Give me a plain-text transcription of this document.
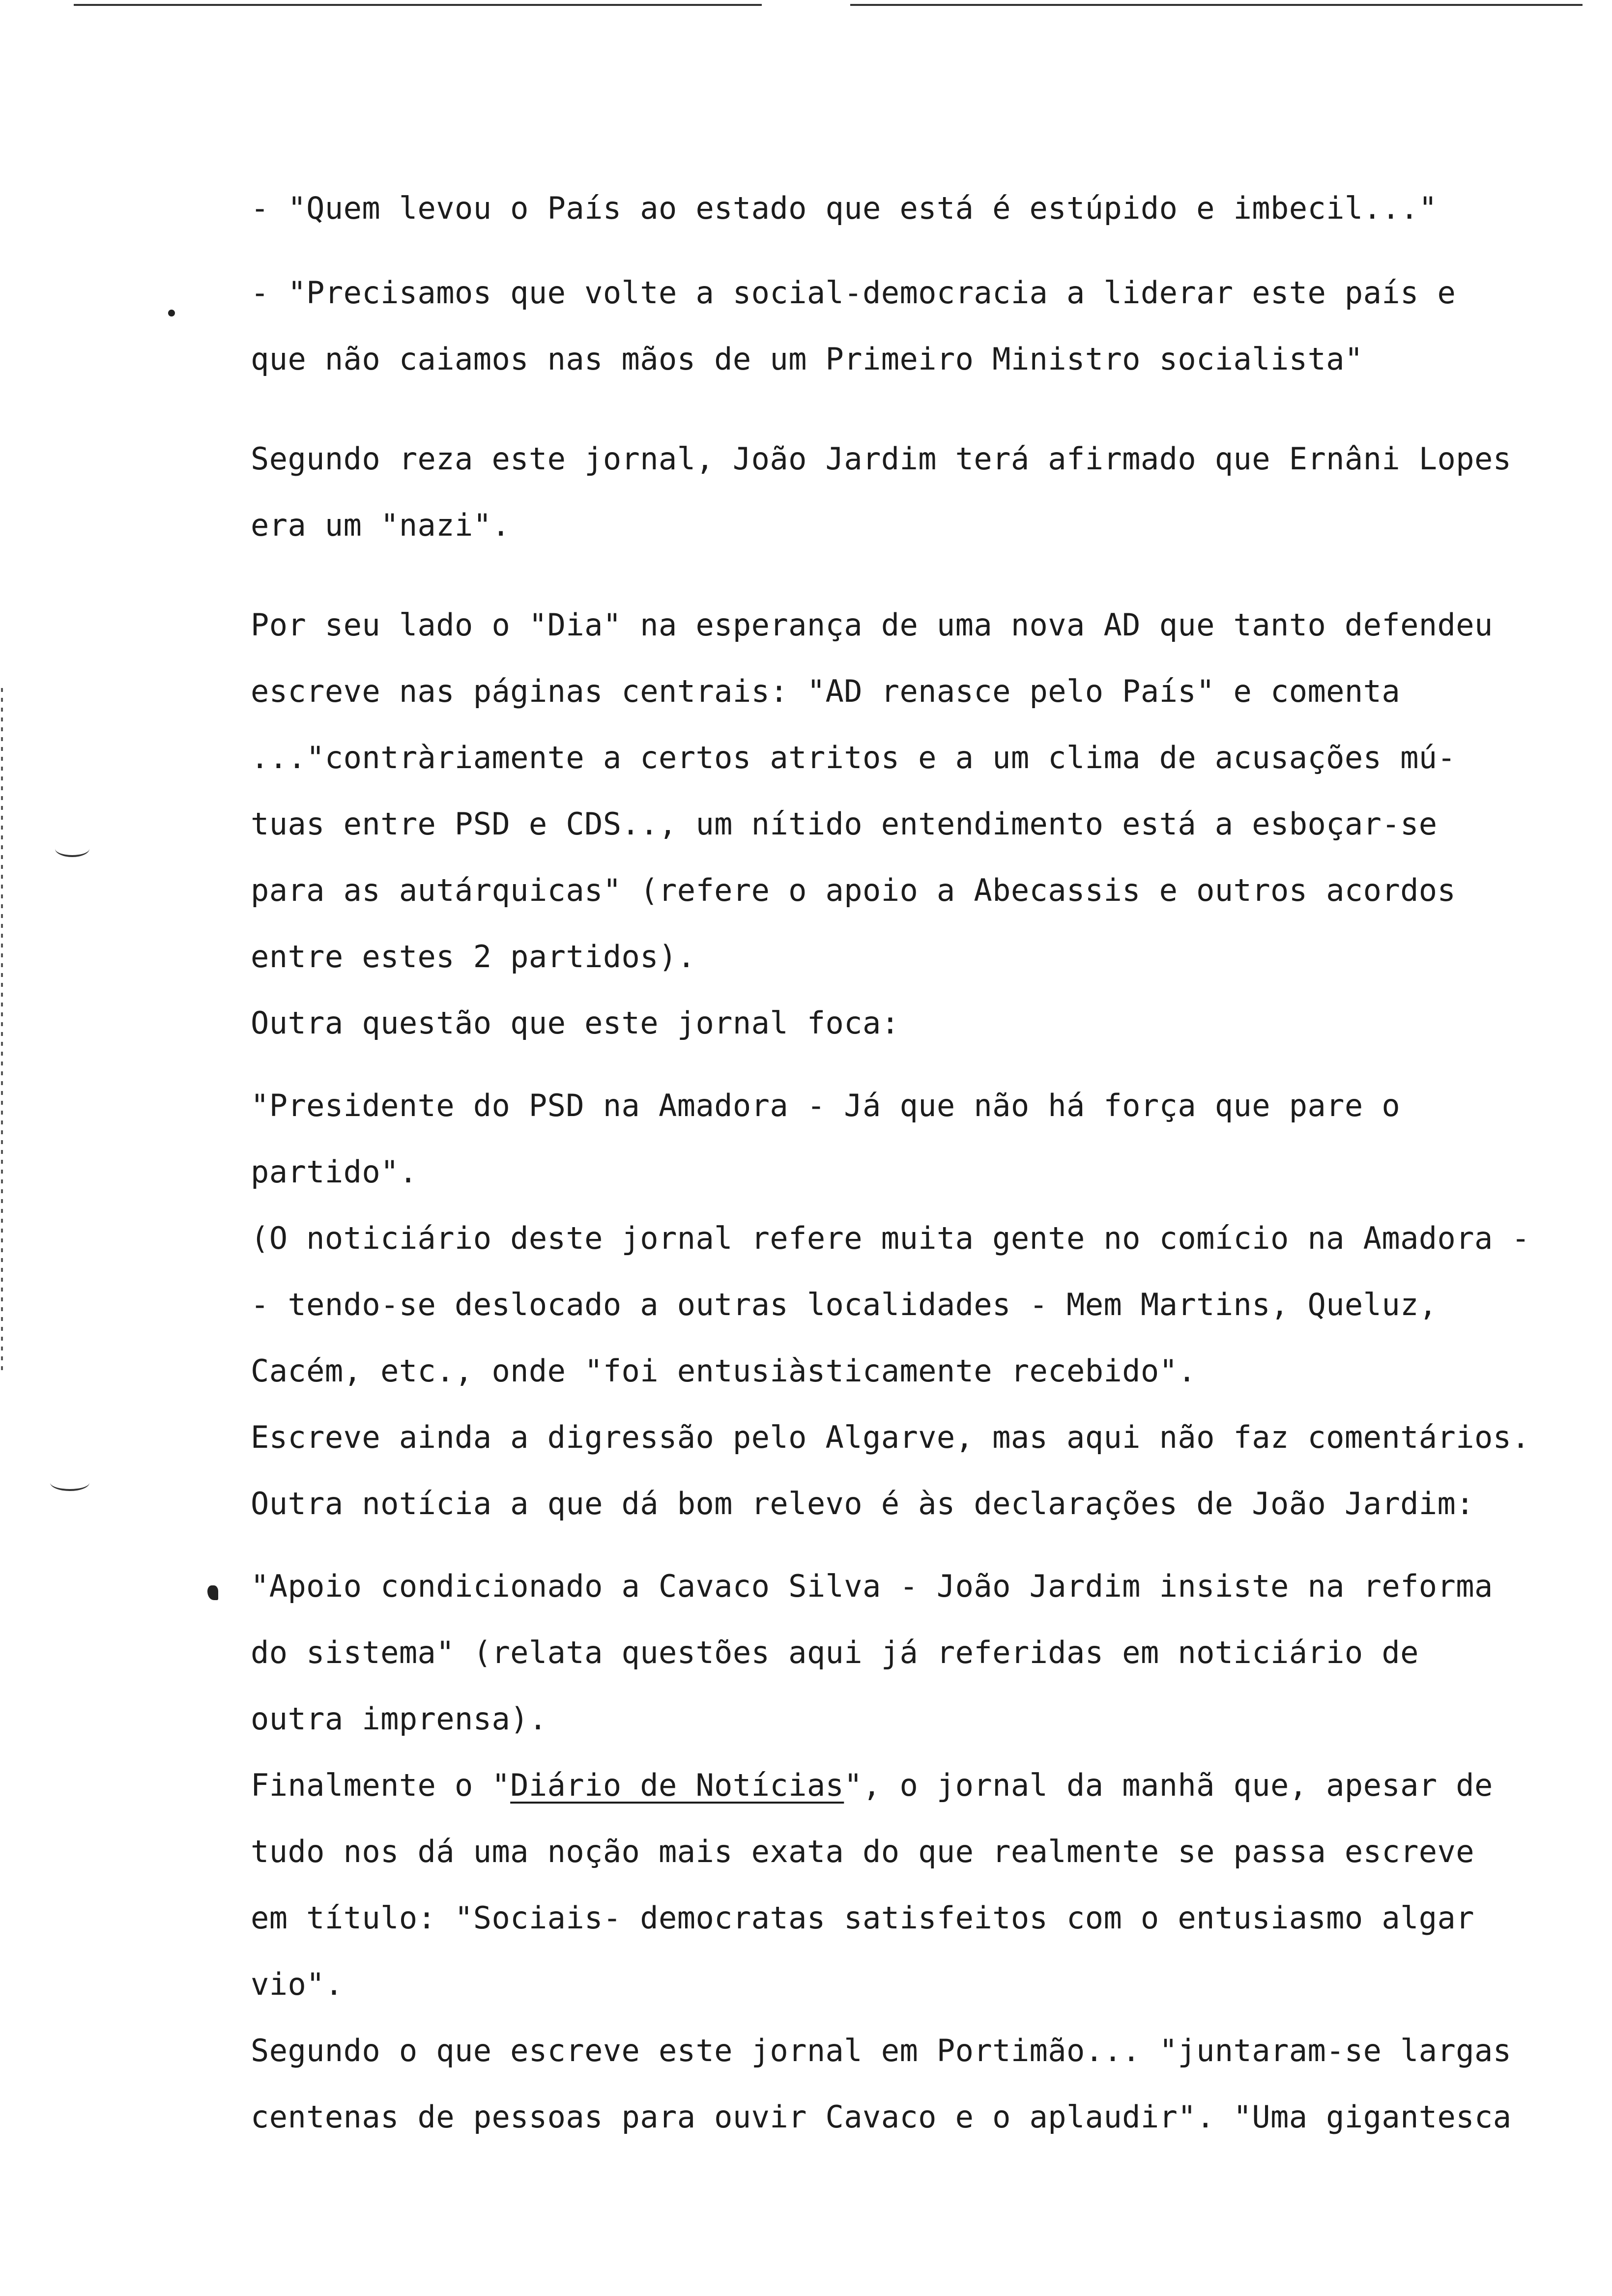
- "Quem levou o País ao estado que está é estúpido e imbecil..."

- "Precisamos que volte a social-democracia a liderar este país e

que não caiamos nas mãos de um Primeiro Ministro socialista"

Segundo reza este jornal, João Jardim terá afirmado que Ernâni Lopes

era um "nazi".

Por seu lado o "Dia" na esperança de uma nova AD que tanto defendeu

escreve nas páginas centrais: "AD renasce pelo País" e comenta

..."contràriamente a certos atritos e a um clima de acusações mú-

tuas entre PSD e CDS.., um nítido entendimento está a esboçar-se

para as autárquicas" (refere o apoio a Abecassis e outros acordos

entre estes 2 partidos).

Outra questão que este jornal foca:

"Presidente do PSD na Amadora - Já que não há força que pare o

partido".

(O noticiário deste jornal refere muita gente no comício na Amadora -

- tendo-se deslocado a outras localidades - Mem Martins, Queluz,

Cacém, etc., onde "foi entusiàsticamente recebido".

Escreve ainda a digressão pelo Algarve, mas aqui não faz comentários.

Outra notícia a que dá bom relevo é às declarações de João Jardim:

"Apoio condicionado a Cavaco Silva - João Jardim insiste na reforma

do sistema" (relata questões aqui já referidas em noticiário de

outra imprensa).

Finalmente o "Diário de Notícias", o jornal da manhã que, apesar de

tudo nos dá uma noção mais exata do que realmente se passa escreve

em título: "Sociais- democratas satisfeitos com o entusiasmo algar

vio".

Segundo o que escreve este jornal em Portimão... "juntaram-se largas

centenas de pessoas para ouvir Cavaco e o aplaudir". "Uma gigantesca
